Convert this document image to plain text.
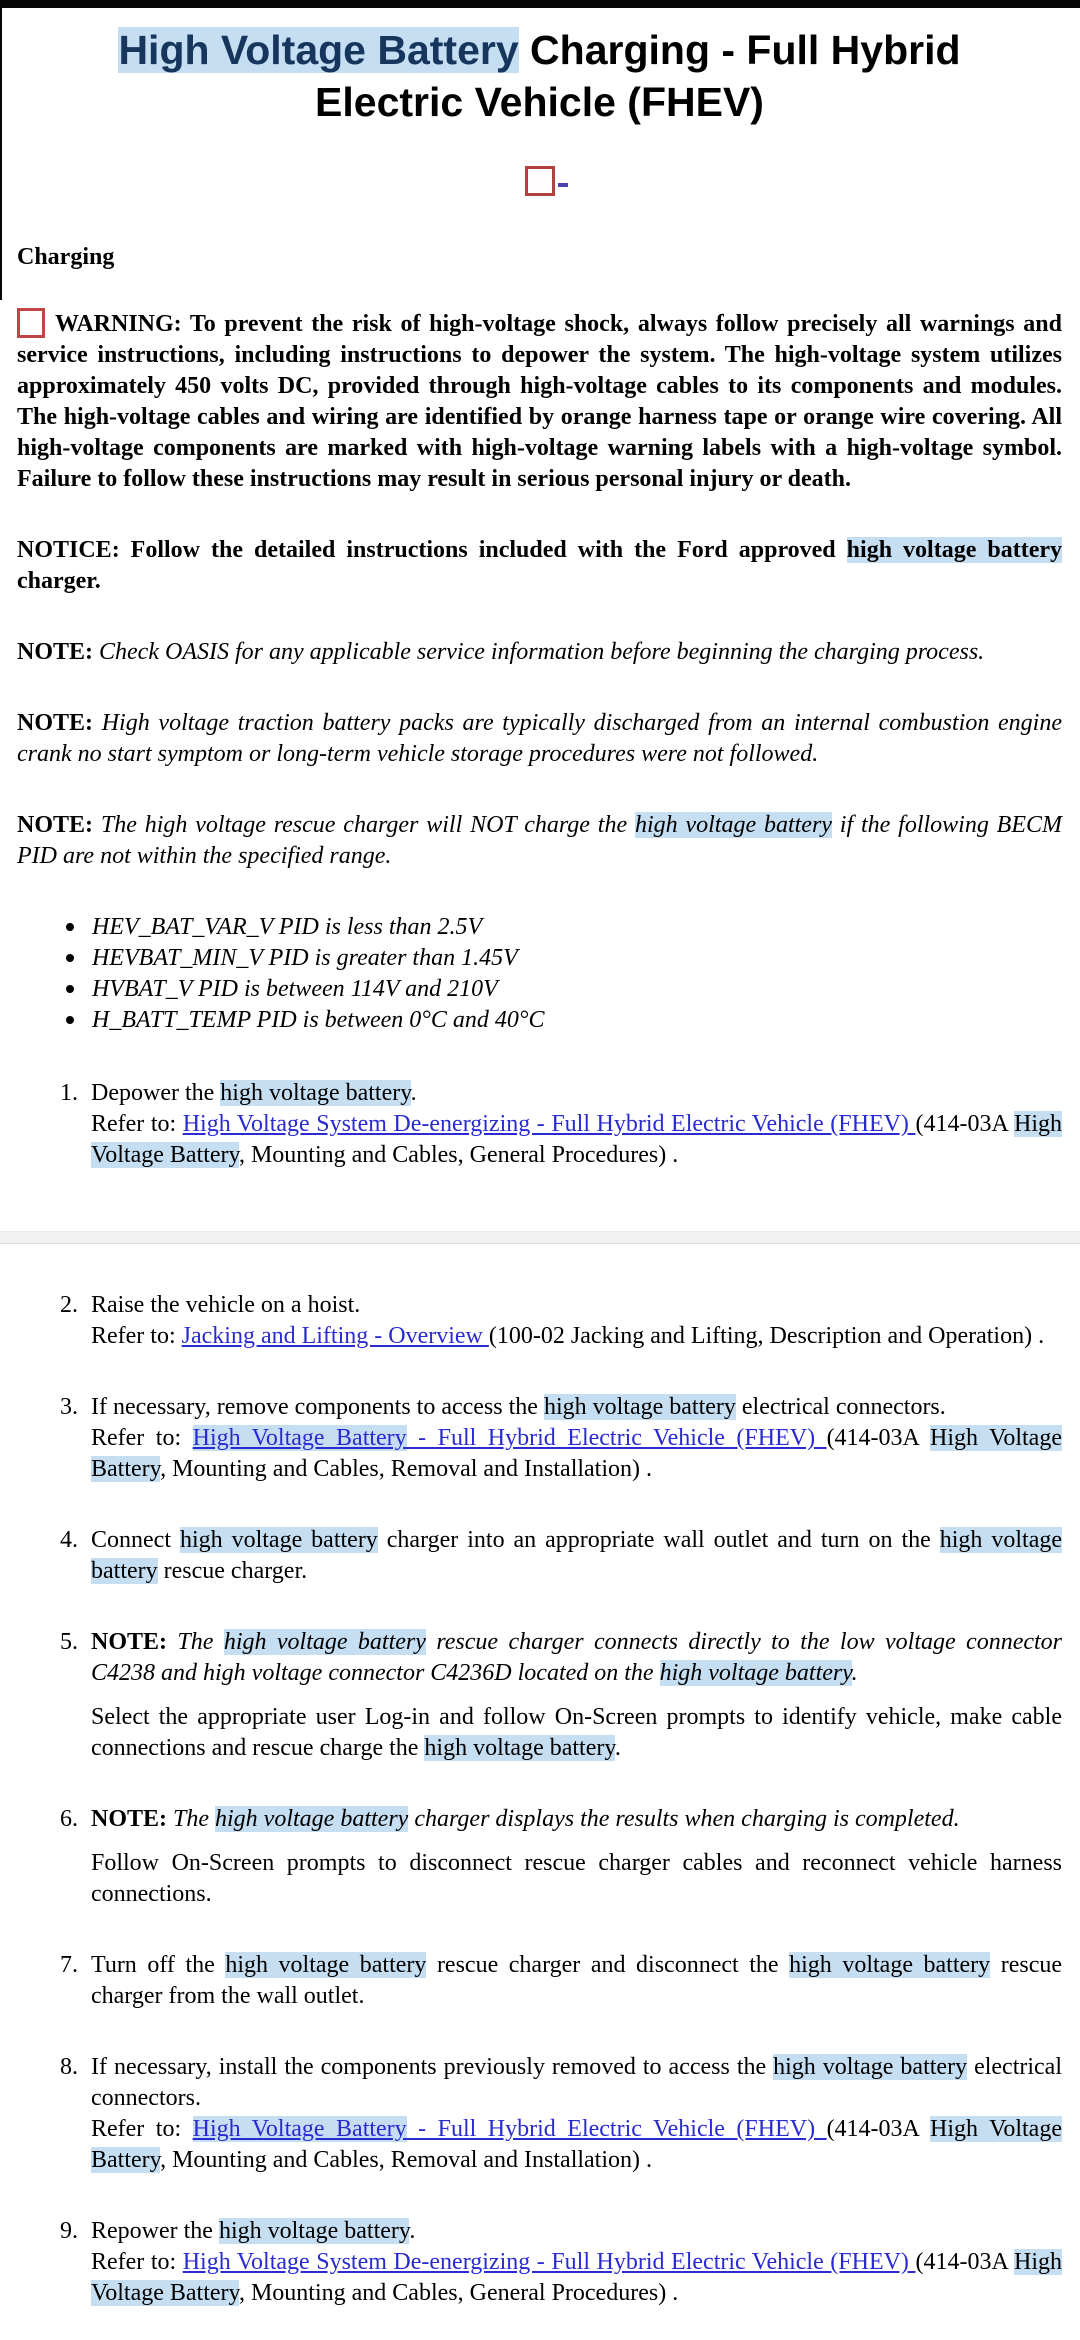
High Voltage Battery Charging - Full Hybrid
Electric Vehicle (FHEV)
Charging
WARNING: To prevent the risk of high-voltage shock, always follow precisely all warnings and service instructions, including instructions to depower the system. The high-voltage system utilizes approximately 450 volts DC, provided through high-voltage cables to its components and modules. The high-voltage cables and wiring are identified by orange harness tape or orange wire covering. All high-voltage components are marked with high-voltage warning labels with a high-voltage symbol. Failure to follow these instructions may result in serious personal injury or death.
NOTICE: Follow the detailed instructions included with the Ford approved high voltage battery charger.
NOTE: Check OASIS for any applicable service information before beginning the charging process.
NOTE: High voltage traction battery packs are typically discharged from an internal combustion engine crank no start symptom or long-term vehicle storage procedures were not followed.
NOTE: The high voltage rescue charger will NOT charge the high voltage battery if the following BECM PID are not within the specified range.
HEV_BAT_VAR_V PID is less than 2.5V
HEVBAT_MIN_V PID is greater than 1.45V
HVBAT_V PID is between 114V and 210V
H_BATT_TEMP PID is between 0°C and 40°C
1. Depower the high voltage battery.
Refer to: High Voltage System De-energizing - Full Hybrid Electric Vehicle (FHEV) (414-03A High Voltage Battery, Mounting and Cables, General Procedures) .
2. Raise the vehicle on a hoist.
Refer to: Jacking and Lifting - Overview (100-02 Jacking and Lifting, Description and Operation) .
3. If necessary, remove components to access the high voltage battery electrical connectors.
Refer to: High Voltage Battery - Full Hybrid Electric Vehicle (FHEV) (414-03A High Voltage Battery, Mounting and Cables, Removal and Installation) .
4. Connect high voltage battery charger into an appropriate wall outlet and turn on the high voltage battery rescue charger.
5. NOTE: The high voltage battery rescue charger connects directly to the low voltage connector C4238 and high voltage connector C4236D located on the high voltage battery.
Select the appropriate user Log-in and follow On-Screen prompts to identify vehicle, make cable connections and rescue charge the high voltage battery.
6. NOTE: The high voltage battery charger displays the results when charging is completed.
Follow On-Screen prompts to disconnect rescue charger cables and reconnect vehicle harness connections.
7. Turn off the high voltage battery rescue charger and disconnect the high voltage battery rescue charger from the wall outlet.
8. If necessary, install the components previously removed to access the high voltage battery electrical connectors.
Refer to: High Voltage Battery - Full Hybrid Electric Vehicle (FHEV) (414-03A High Voltage Battery, Mounting and Cables, Removal and Installation) .
9. Repower the high voltage battery.
Refer to: High Voltage System De-energizing - Full Hybrid Electric Vehicle (FHEV) (414-03A High Voltage Battery, Mounting and Cables, General Procedures) .
